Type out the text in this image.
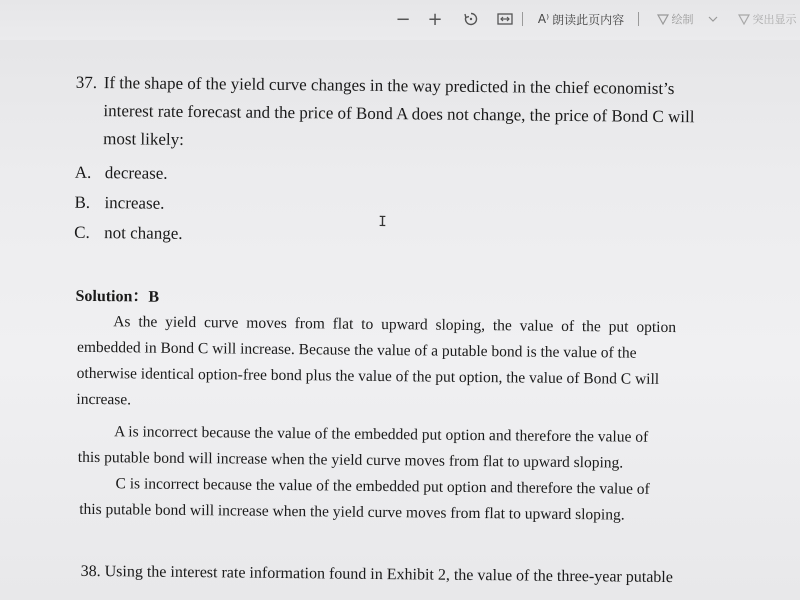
− +	A⁾ 朗读此页内容	绘制	突出显示
37. If the shape of the yield curve changes in the way predicted in the chief economist’s
interest rate forecast and the price of Bond A does not change, the price of Bond C will
most likely:
A. decrease.
B. increase.
C. not change.
I
Solution：B
As the yield curve moves from flat to upward sloping, the value of the put option
embedded in Bond C will increase. Because the value of a putable bond is the value of the
otherwise identical option-free bond plus the value of the put option, the value of Bond C will
increase.
A is incorrect because the value of the embedded put option and therefore the value of
this putable bond will increase when the yield curve moves from flat to upward sloping.
C is incorrect because the value of the embedded put option and therefore the value of
this putable bond will increase when the yield curve moves from flat to upward sloping.
38. Using the interest rate information found in Exhibit 2, the value of the three-year putable
